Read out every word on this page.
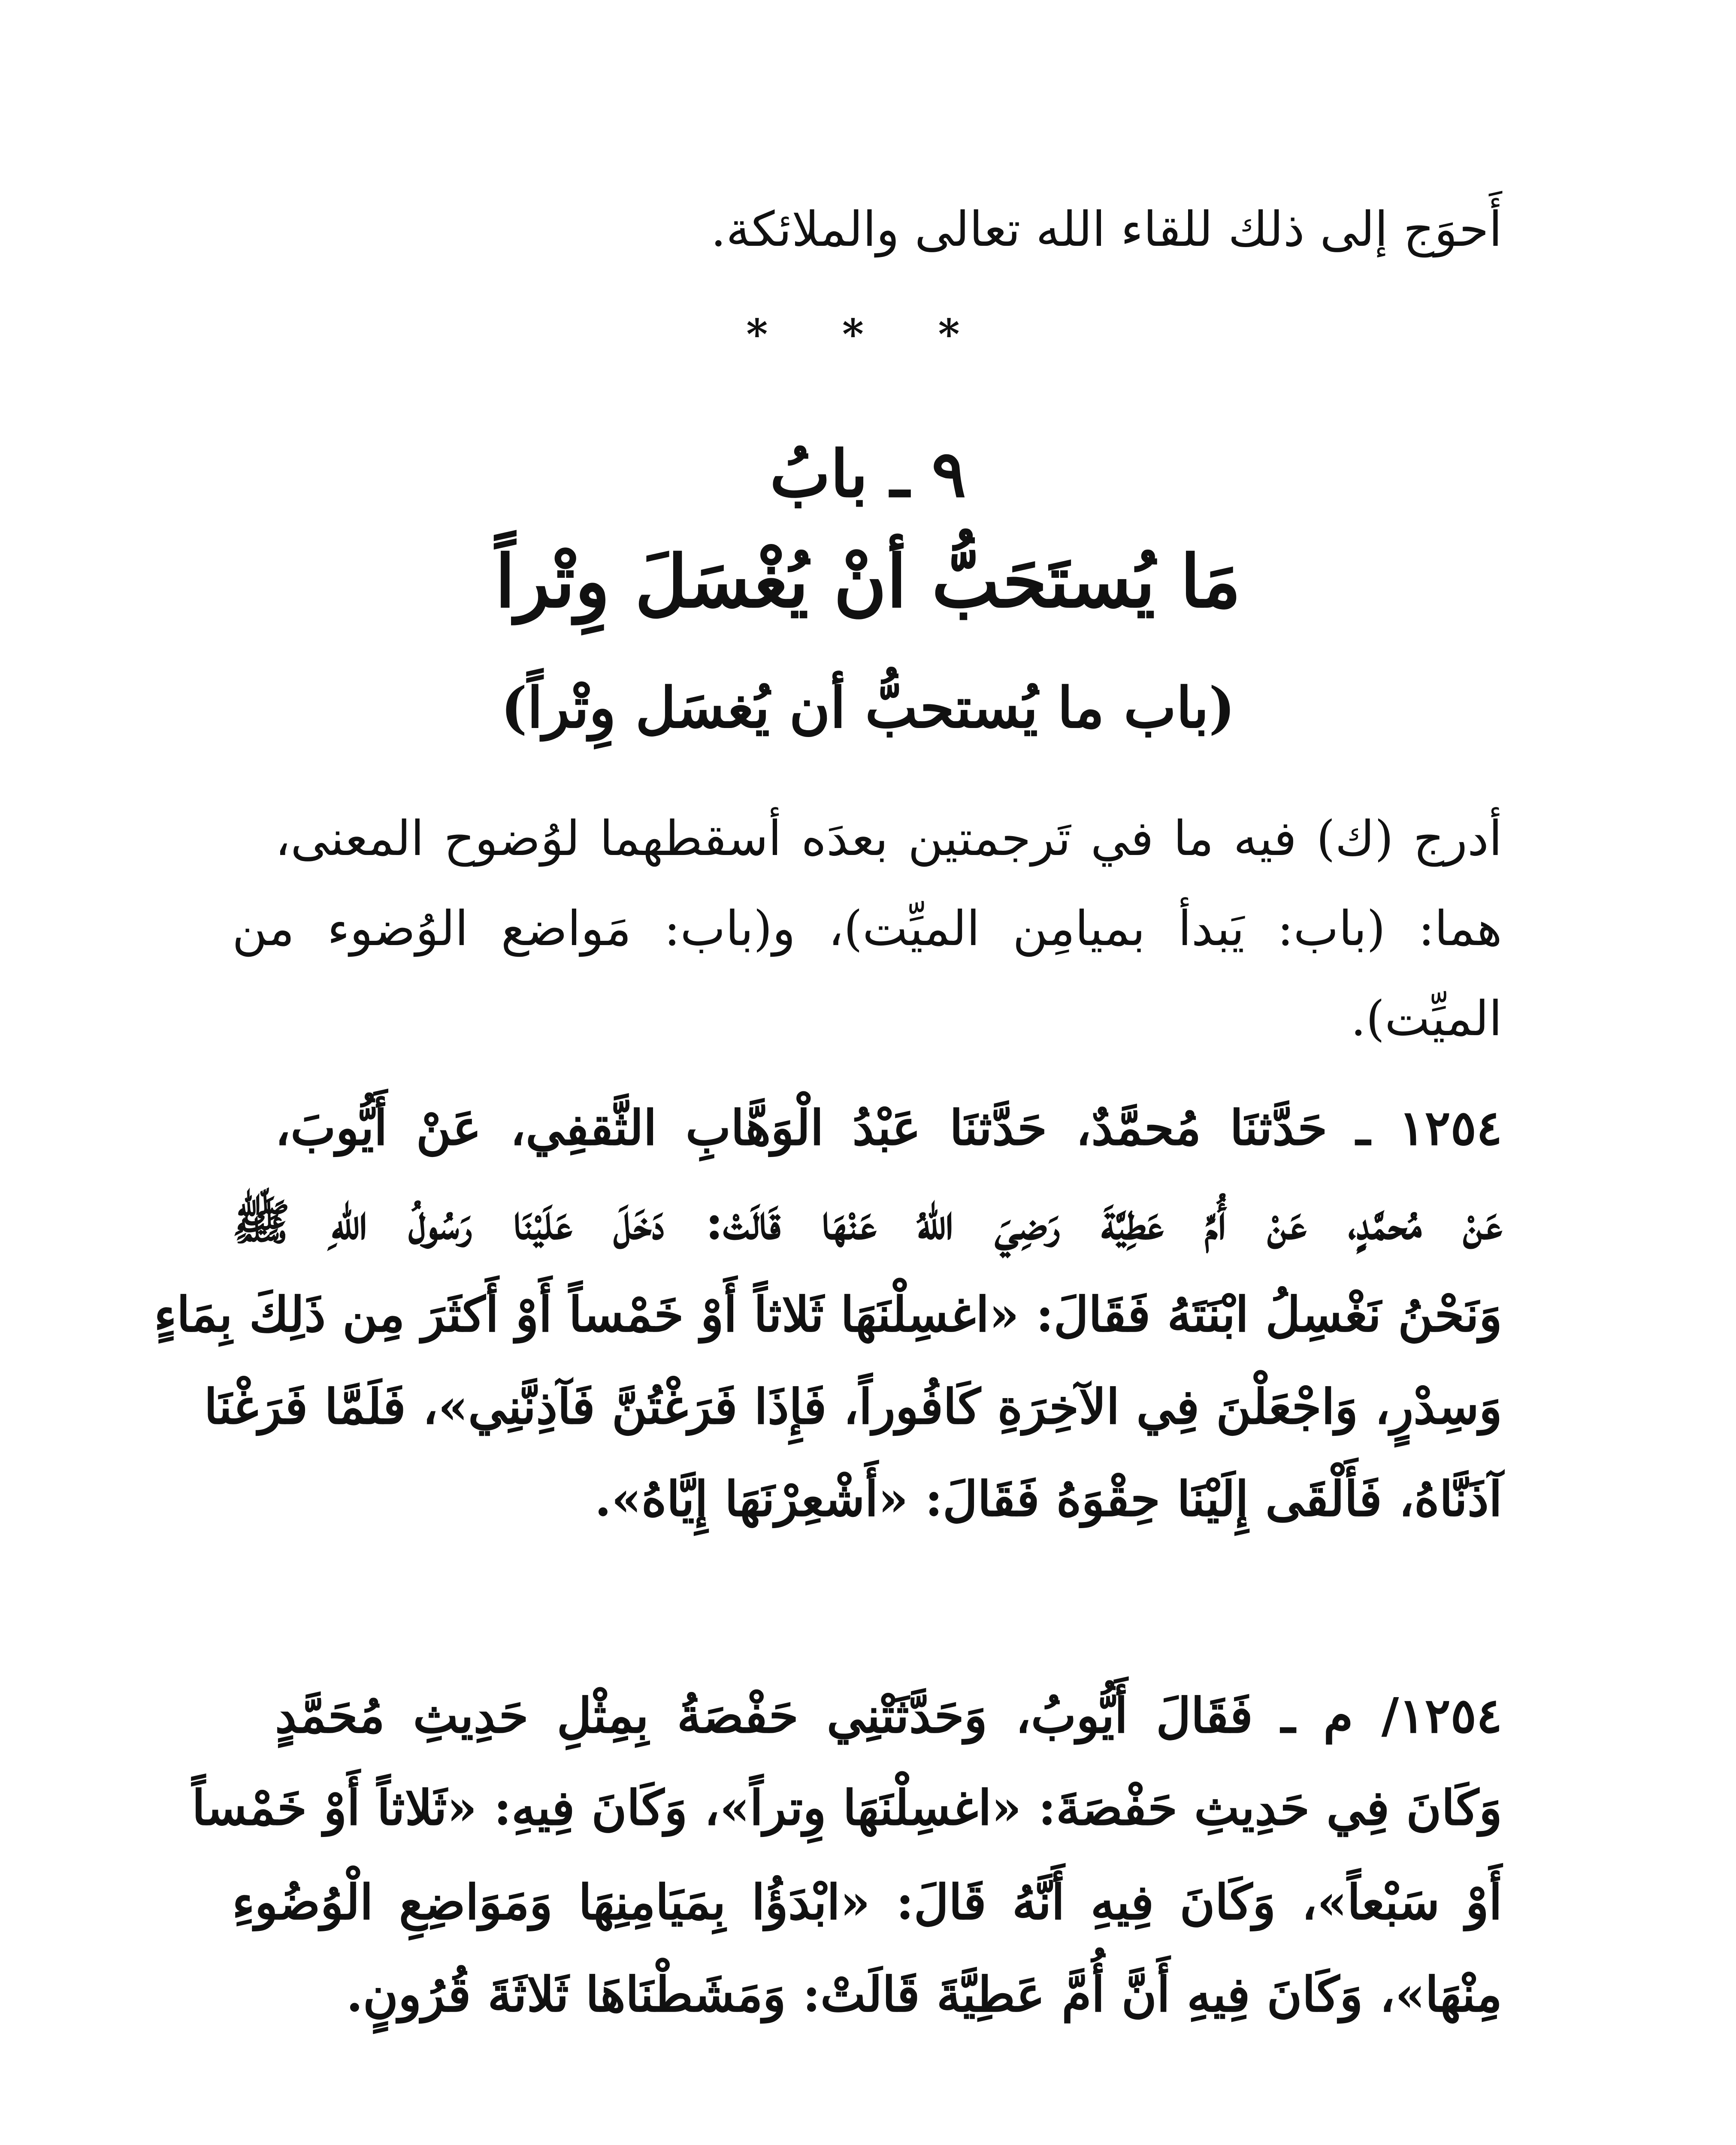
أَحوَج إلى ذلك للقاء الله تعالى والملائكة.
* * *
٩ ـ بابُ
مَا يُستَحَبُّ أنْ يُغْسَلَ وِتْراً
(باب ما يُستحبُّ أن يُغسَل وِتْراً)
أدرج (ك) فيه ما في تَرجمتين بعدَه أسقطهما لوُضوح المعنى،
هما: (باب: يَبدأ بميامِن الميِّت)، و(باب: مَواضع الوُضوء من
الميِّت).
١٢٥٤ ـ حَدَّثنَا مُحمَّدٌ، حَدَّثنَا عَبْدُ الْوَهَّابِ الثَّقفِي، عَنْ أَيُّوبَ،
عَنْ مُحمَّدٍ، عَنْ أُمِّ عَطِيَّةَ رَضِيَ اللهُ عَنْهَا قَالَتْ: دَخَلَ عَلَيْنَا رَسُولُ اللهِ ﷺ
وَنَحْنُ نَغْسِلُ ابْنَتَهُ فَقَالَ: «اغسِلْنَهَا ثَلاثاً أَوْ خَمْساً أَوْ أَكثَرَ مِن ذَلِكَ بِمَاءٍ
وَسِدْرٍ، وَاجْعَلْنَ فِي الآخِرَةِ كَافُوراً، فَإِذَا فَرَغْتُنَّ فَآذِنَّنِي»، فَلَمَّا فَرَغْنَا
آذَنَّاهُ، فَأَلْقَى إِلَيْنَا حِقْوَهُ فَقَالَ: «أَشْعِرْنَهَا إِيَّاهُ».
١٢٥٤/ م ـ فَقَالَ أَيُّوبُ، وَحَدَّثَتْنِي حَفْصَةُ بِمِثْلِ حَدِيثِ مُحَمَّدٍ
وَكَانَ فِي حَدِيثِ حَفْصَةَ: «اغسِلْنَهَا وِتراً»، وَكَانَ فِيهِ: «ثَلاثاً أَوْ خَمْساً
أَوْ سَبْعاً»، وَكَانَ فِيهِ أَنَّهُ قَالَ: «ابْدَؤُا بِمَيَامِنِهَا وَمَوَاضِعِ الْوُضُوءِ
مِنْهَا»، وَكَانَ فِيهِ أَنَّ أُمَّ عَطِيَّةَ قَالَتْ: وَمَشَطْنَاهَا ثَلاثَةَ قُرُونٍ.
